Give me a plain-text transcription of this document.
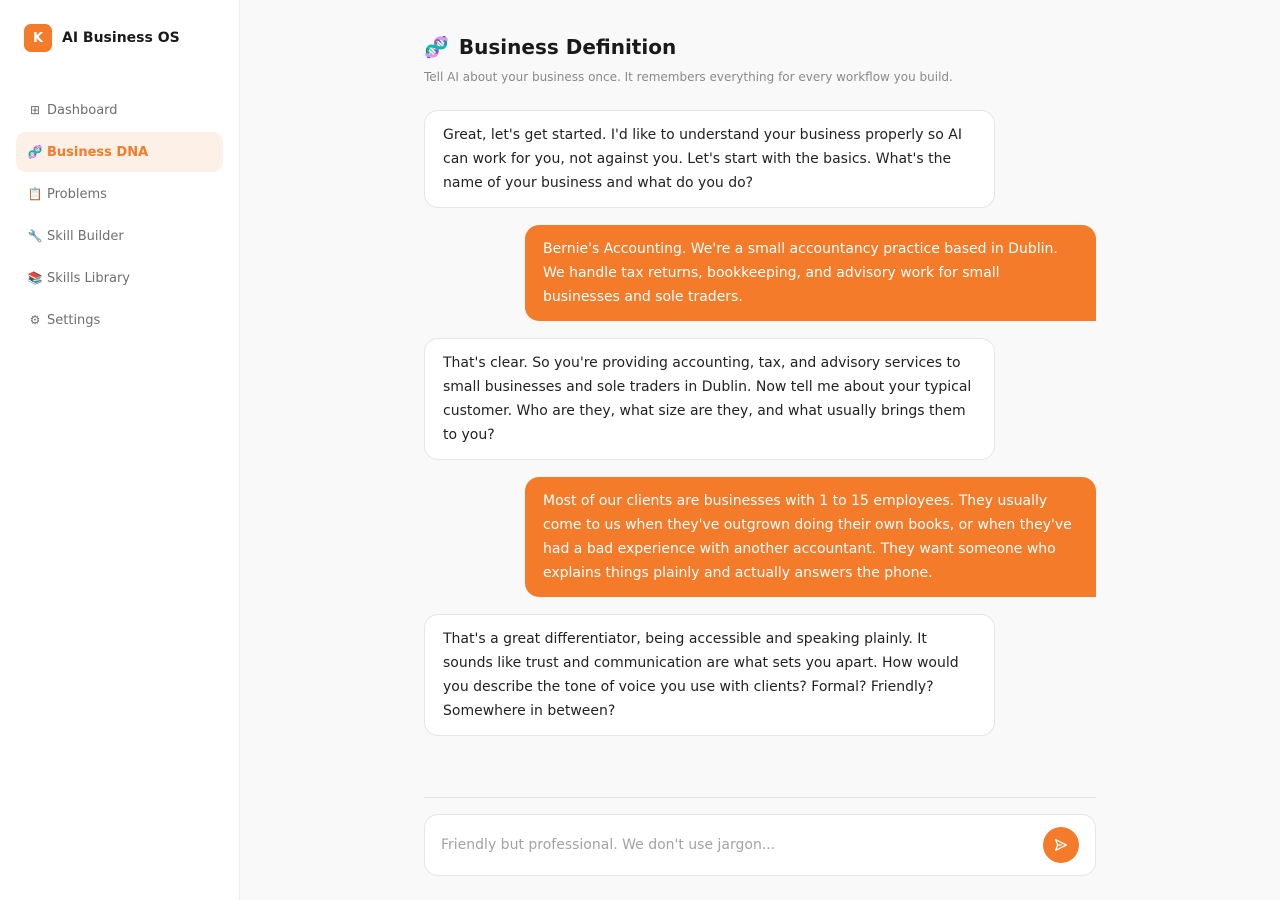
K	AI Business OS
⊞ Dashboard
🧬 Business DNA
📋 Problems
🔧 Skill Builder
📚 Skills Library
⚙ Settings
🧬 Business Definition

Tell AI about your business once. It remembers everything for every workflow you build.

Great, let's get started. I'd like to understand your business properly so AI can work for you, not against you. Let's start with the basics. What's the name of your business and what do you do?
Bernie's Accounting. We're a small accountancy practice based in Dublin. We handle tax returns, bookkeeping, and advisory work for small businesses and sole traders.
That's clear. So you're providing accounting, tax, and advisory services to small businesses and sole traders in Dublin. Now tell me about your typical customer. Who are they, what size are they, and what usually brings them to you?
Most of our clients are businesses with 1 to 15 employees. They usually come to us when they've outgrown doing their own books, or when they've had a bad experience with another accountant. They want someone who explains things plainly and actually answers the phone.
That's a great differentiator, being accessible and speaking plainly. It sounds like trust and communication are what sets you apart. How would you describe the tone of voice you use with clients? Formal? Friendly? Somewhere in between?
Friendly but professional. We don't use jargon...
